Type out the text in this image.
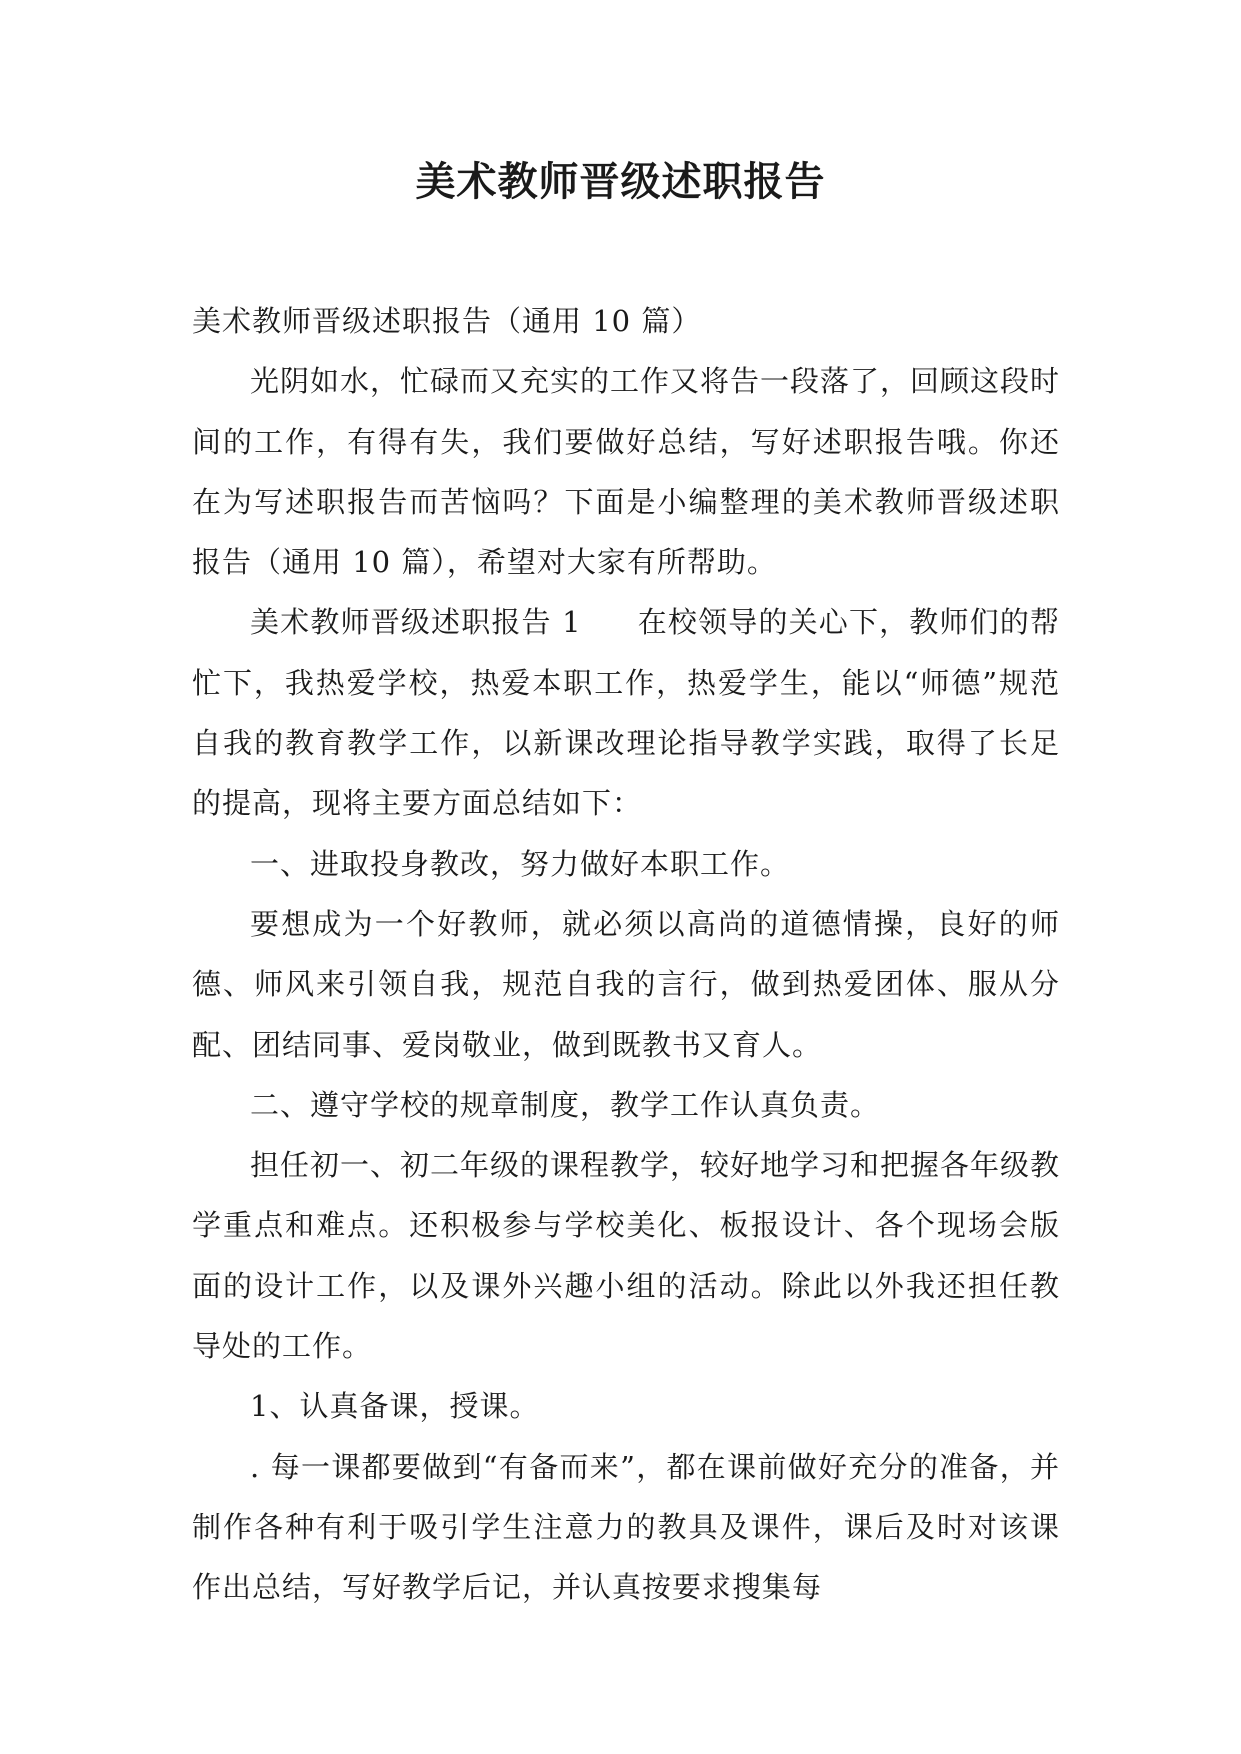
美术教师晋级述职报告

美术教师晋级述职报告（通用 10 篇）

光阴如水，忙碌而又充实的工作又将告一段落了，回顾这段时间的工作，有得有失，我们要做好总结，写好述职报告哦。你还在为写述职报告而苦恼吗？下面是小编整理的美术教师晋级述职报告（通用 10 篇），希望对大家有所帮助。

美术教师晋级述职报告 1 在校领导的关心下，教师们的帮忙下，我热爱学校，热爱本职工作，热爱学生，能以“师德”规范自我的教育教学工作，以新课改理论指导教学实践，取得了长足的提高，现将主要方面总结如下：

一、进取投身教改，努力做好本职工作。

要想成为一个好教师，就必须以高尚的道德情操，良好的师德、师风来引领自我，规范自我的言行，做到热爱团体、服从分配、团结同事、爱岗敬业，做到既教书又育人。

二、遵守学校的规章制度，教学工作认真负责。

担任初一、初二年级的课程教学，较好地学习和把握各年级教学重点和难点。还积极参与学校美化、板报设计、各个现场会版面的设计工作，以及课外兴趣小组的活动。除此以外我还担任教导处的工作。

1、认真备课，授课。

. 每一课都要做到“有备而来”，都在课前做好充分的准备，并制作各种有利于吸引学生注意力的教具及课件，课后及时对该课作出总结，写好教学后记，并认真按要求搜集每
